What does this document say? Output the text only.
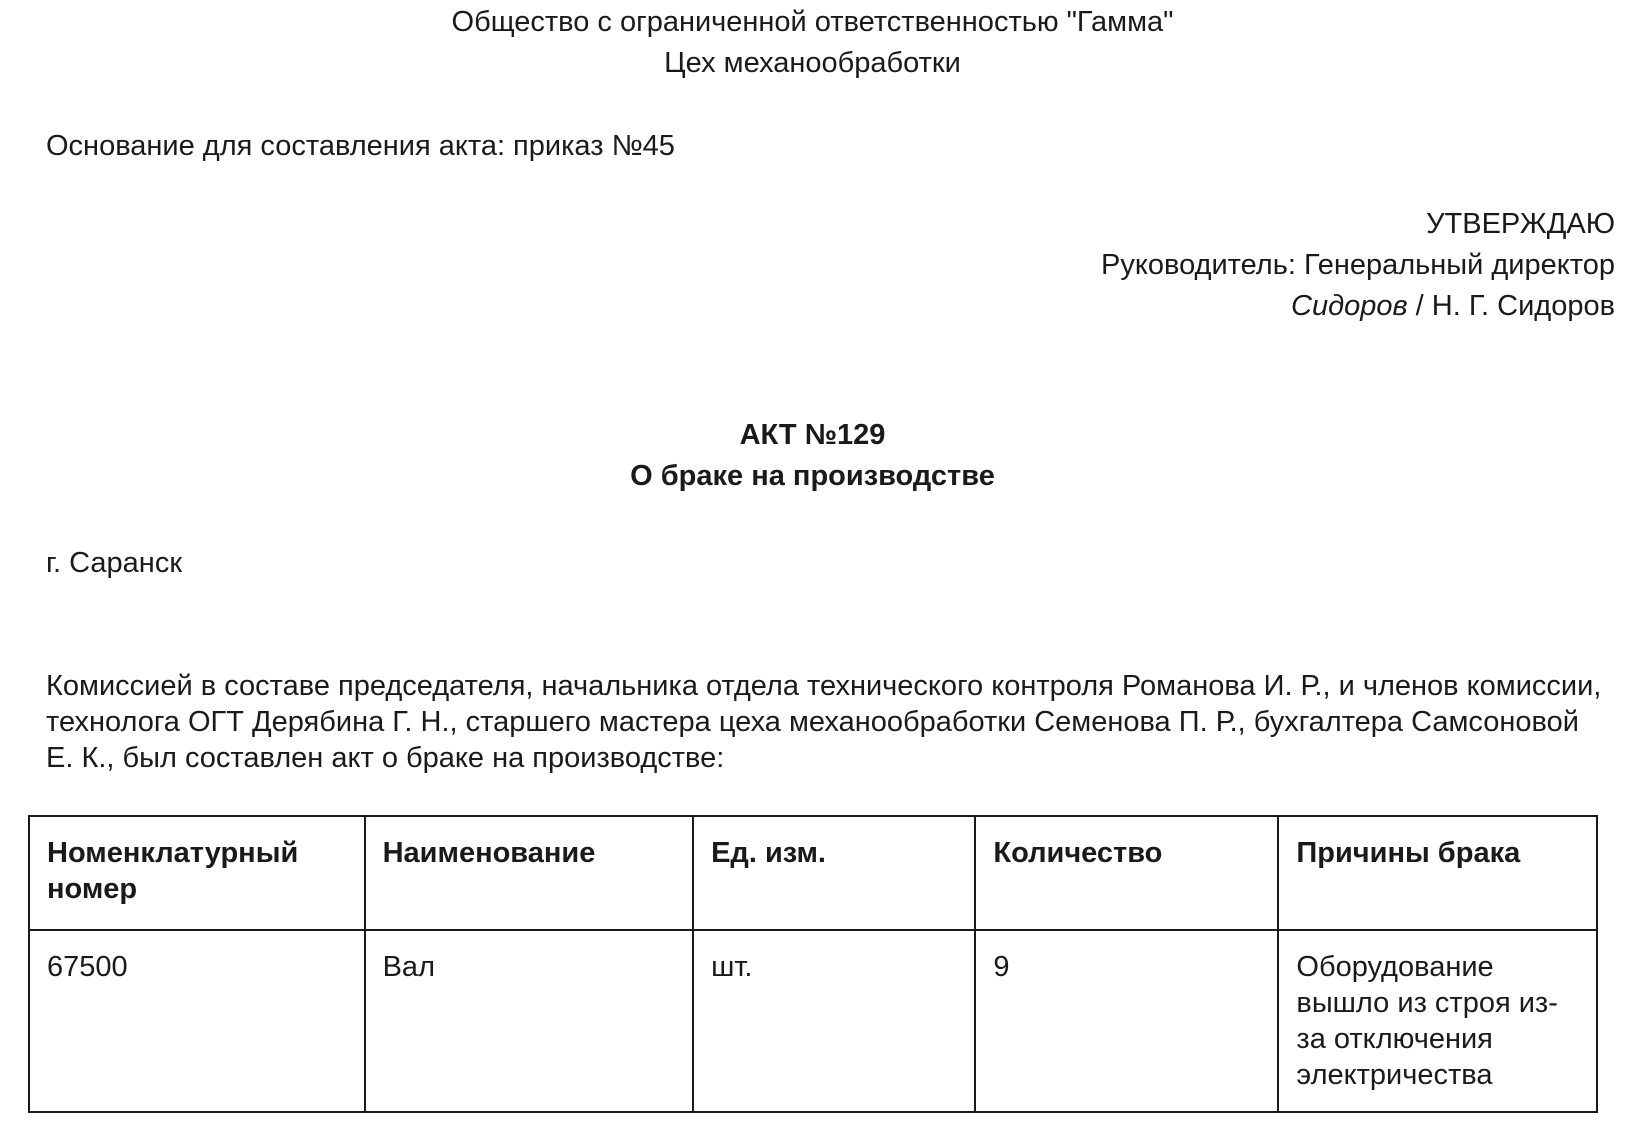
Общество с ограниченной ответственностью "Гамма"
Цех механообработки
Основание для составления акта: приказ №45
УТВЕРЖДАЮ
Руководитель: Генеральный директор
Сидоров / Н. Г. Сидоров
АКТ №129
О браке на производстве
г. Саранск
Комиссией в составе председателя, начальника отдела технического контроля Романова И. Р., и членов комиссии, технолога ОГТ Дерябина Г. Н., старшего мастера цеха механообработки Семенова П. Р., бухгалтера Самсоновой Е. К., был составлен акт о браке на производстве:
Номенклатурный номер	Наименование	Ед. изм.	Количество	Причины брака
67500	Вал	шт.	9	Оборудование вышло из строя из-за отключения электричества
